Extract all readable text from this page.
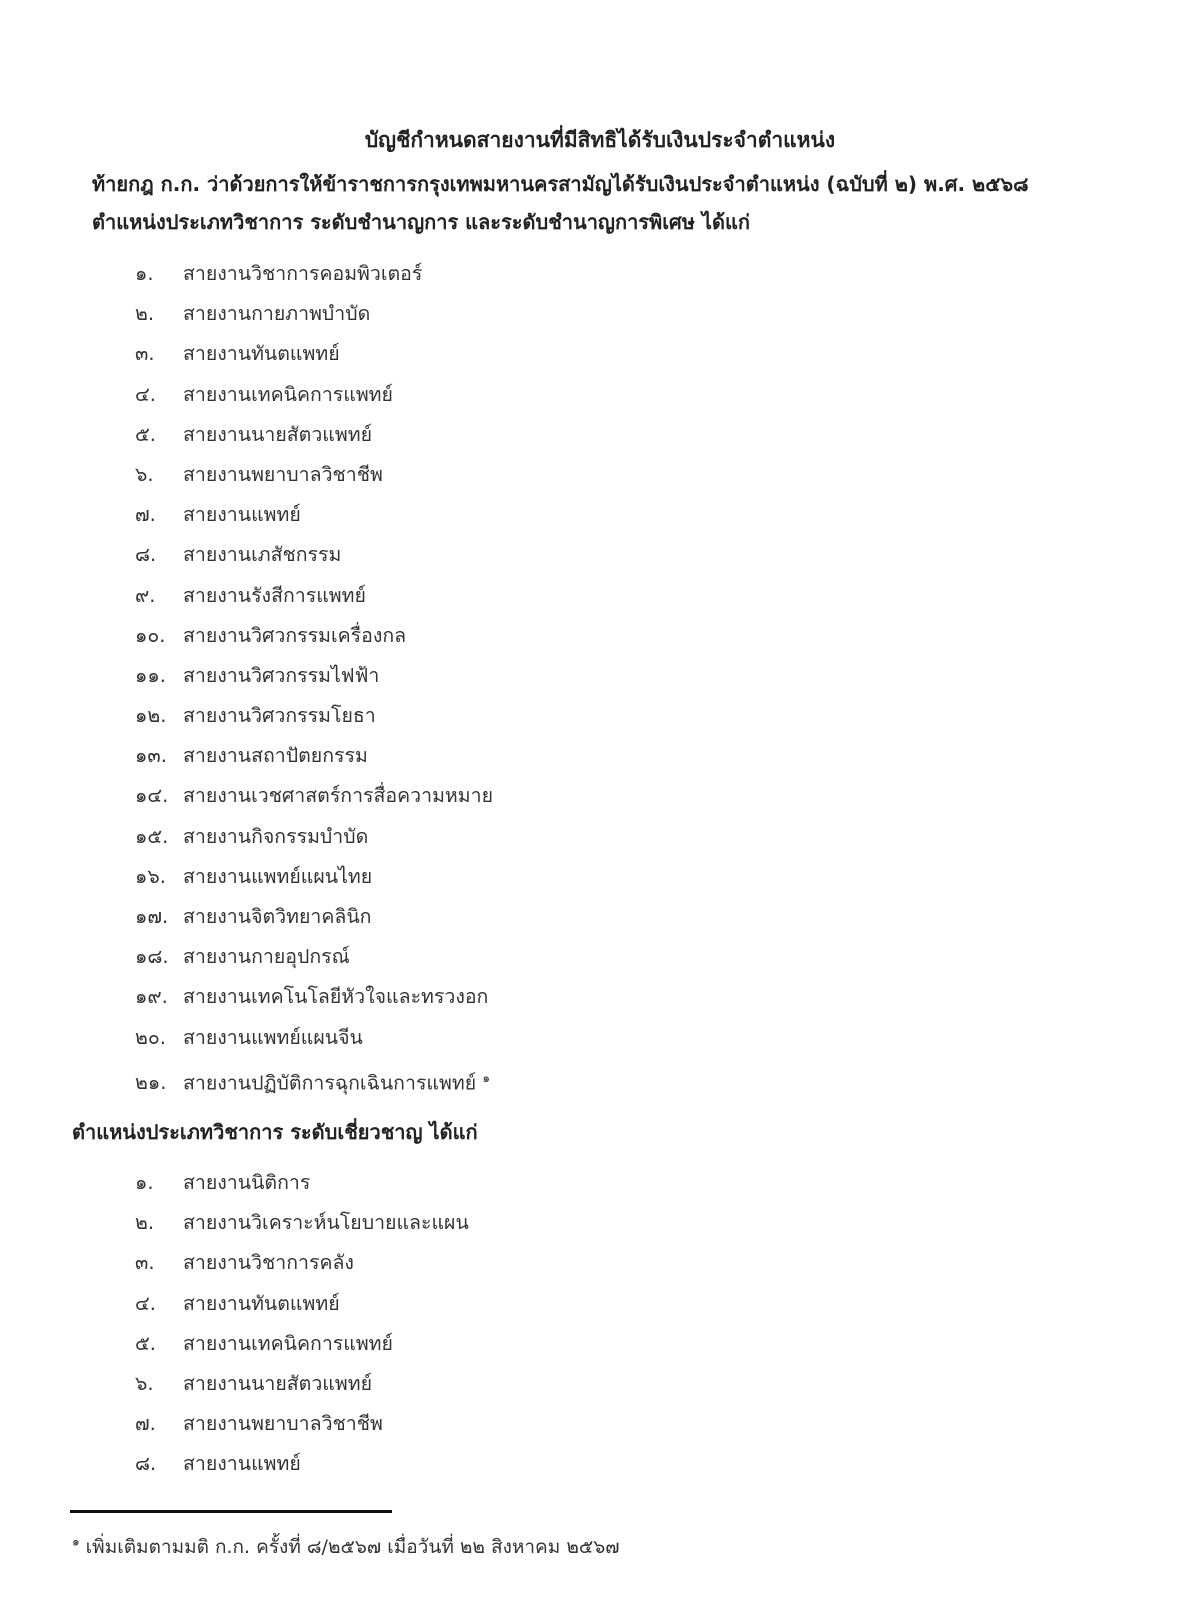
บัญชีกำหนดสายงานที่มีสิทธิได้รับเงินประจำตำแหน่ง
ท้ายกฎ ก.ก. ว่าด้วยการให้ข้าราชการกรุงเทพมหานครสามัญได้รับเงินประจำตำแหน่ง (ฉบับที่ ๒) พ.ศ. ๒๕๖๘
ตำแหน่งประเภทวิชาการ ระดับชำนาญการ และระดับชำนาญการพิเศษ ได้แก่
๑. สายงานวิชาการคอมพิวเตอร์
๒. สายงานกายภาพบำบัด
๓. สายงานทันตแพทย์
๔. สายงานเทคนิคการแพทย์
๕. สายงานนายสัตวแพทย์
๖. สายงานพยาบาลวิชาชีพ
๗. สายงานแพทย์
๘. สายงานเภสัชกรรม
๙. สายงานรังสีการแพทย์
๑๐. สายงานวิศวกรรมเครื่องกล
๑๑. สายงานวิศวกรรมไฟฟ้า
๑๒. สายงานวิศวกรรมโยธา
๑๓. สายงานสถาปัตยกรรม
๑๔. สายงานเวชศาสตร์การสื่อความหมาย
๑๕. สายงานกิจกรรมบำบัด
๑๖. สายงานแพทย์แผนไทย
๑๗. สายงานจิตวิทยาคลินิก
๑๘. สายงานกายอุปกรณ์
๑๙. สายงานเทคโนโลยีหัวใจและทรวงอก
๒๐. สายงานแพทย์แผนจีน
๒๑. สายงานปฏิบัติการฉุกเฉินการแพทย์ $^๑$
ตำแหน่งประเภทวิชาการ ระดับเชี่ยวชาญ ได้แก่
๑. สายงานนิติการ
๒. สายงานวิเคราะห์นโยบายและแผน
๓. สายงานวิชาการคลัง
๔. สายงานทันตแพทย์
๕. สายงานเทคนิคการแพทย์
๖. สายงานนายสัตวแพทย์
๗. สายงานพยาบาลวิชาชีพ
๘. สายงานแพทย์
$^๑$ เพิ่มเติมตามมติ ก.ก. ครั้งที่ ๘/๒๕๖๗ เมื่อวันที่ ๒๒ สิงหาคม ๒๕๖๗
